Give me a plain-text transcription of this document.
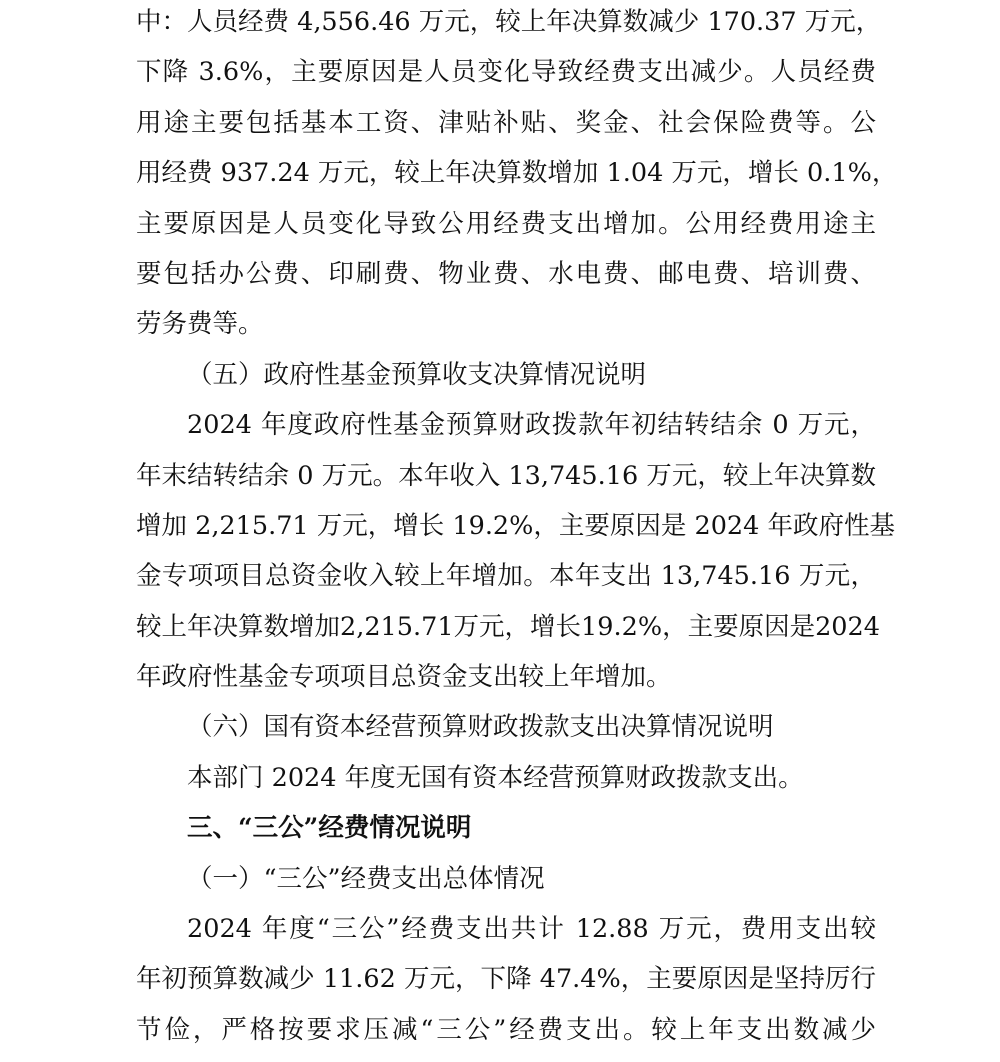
中：人员经费 4,556.46 万元，较上年决算数减少 170.37 万元，
下降 3.6%，主要原因是人员变化导致经费支出减少。人员经费
用途主要包括基本工资、津贴补贴、奖金、社会保险费等。公
用经费 937.24 万元，较上年决算数增加 1.04 万元，增长 0.1%，
主要原因是人员变化导致公用经费支出增加。公用经费用途主
要包括办公费、印刷费、物业费、水电费、邮电费、培训费、
劳务费等。
（五）政府性基金预算收支决算情况说明
2024 年度政府性基金预算财政拨款年初结转结余 0 万元，
年末结转结余 0 万元。本年收入 13,745.16 万元，较上年决算数
增加 2,215.71 万元，增长 19.2%，主要原因是 2024 年政府性基
金专项项目总资金收入较上年增加。本年支出 13,745.16 万元，
较上年决算数增加2,215.71万元，增长19.2%，主要原因是2024
年政府性基金专项项目总资金支出较上年增加。
（六）国有资本经营预算财政拨款支出决算情况说明
本部门 2024 年度无国有资本经营预算财政拨款支出。
三、“三公”经费情况说明
（一）“三公”经费支出总体情况
2024 年度“三公”经费支出共计 12.88 万元，费用支出较
年初预算数减少 11.62 万元，下降 47.4%，主要原因是坚持厉行
节俭，严格按要求压减“三公”经费支出。较上年支出数减少
